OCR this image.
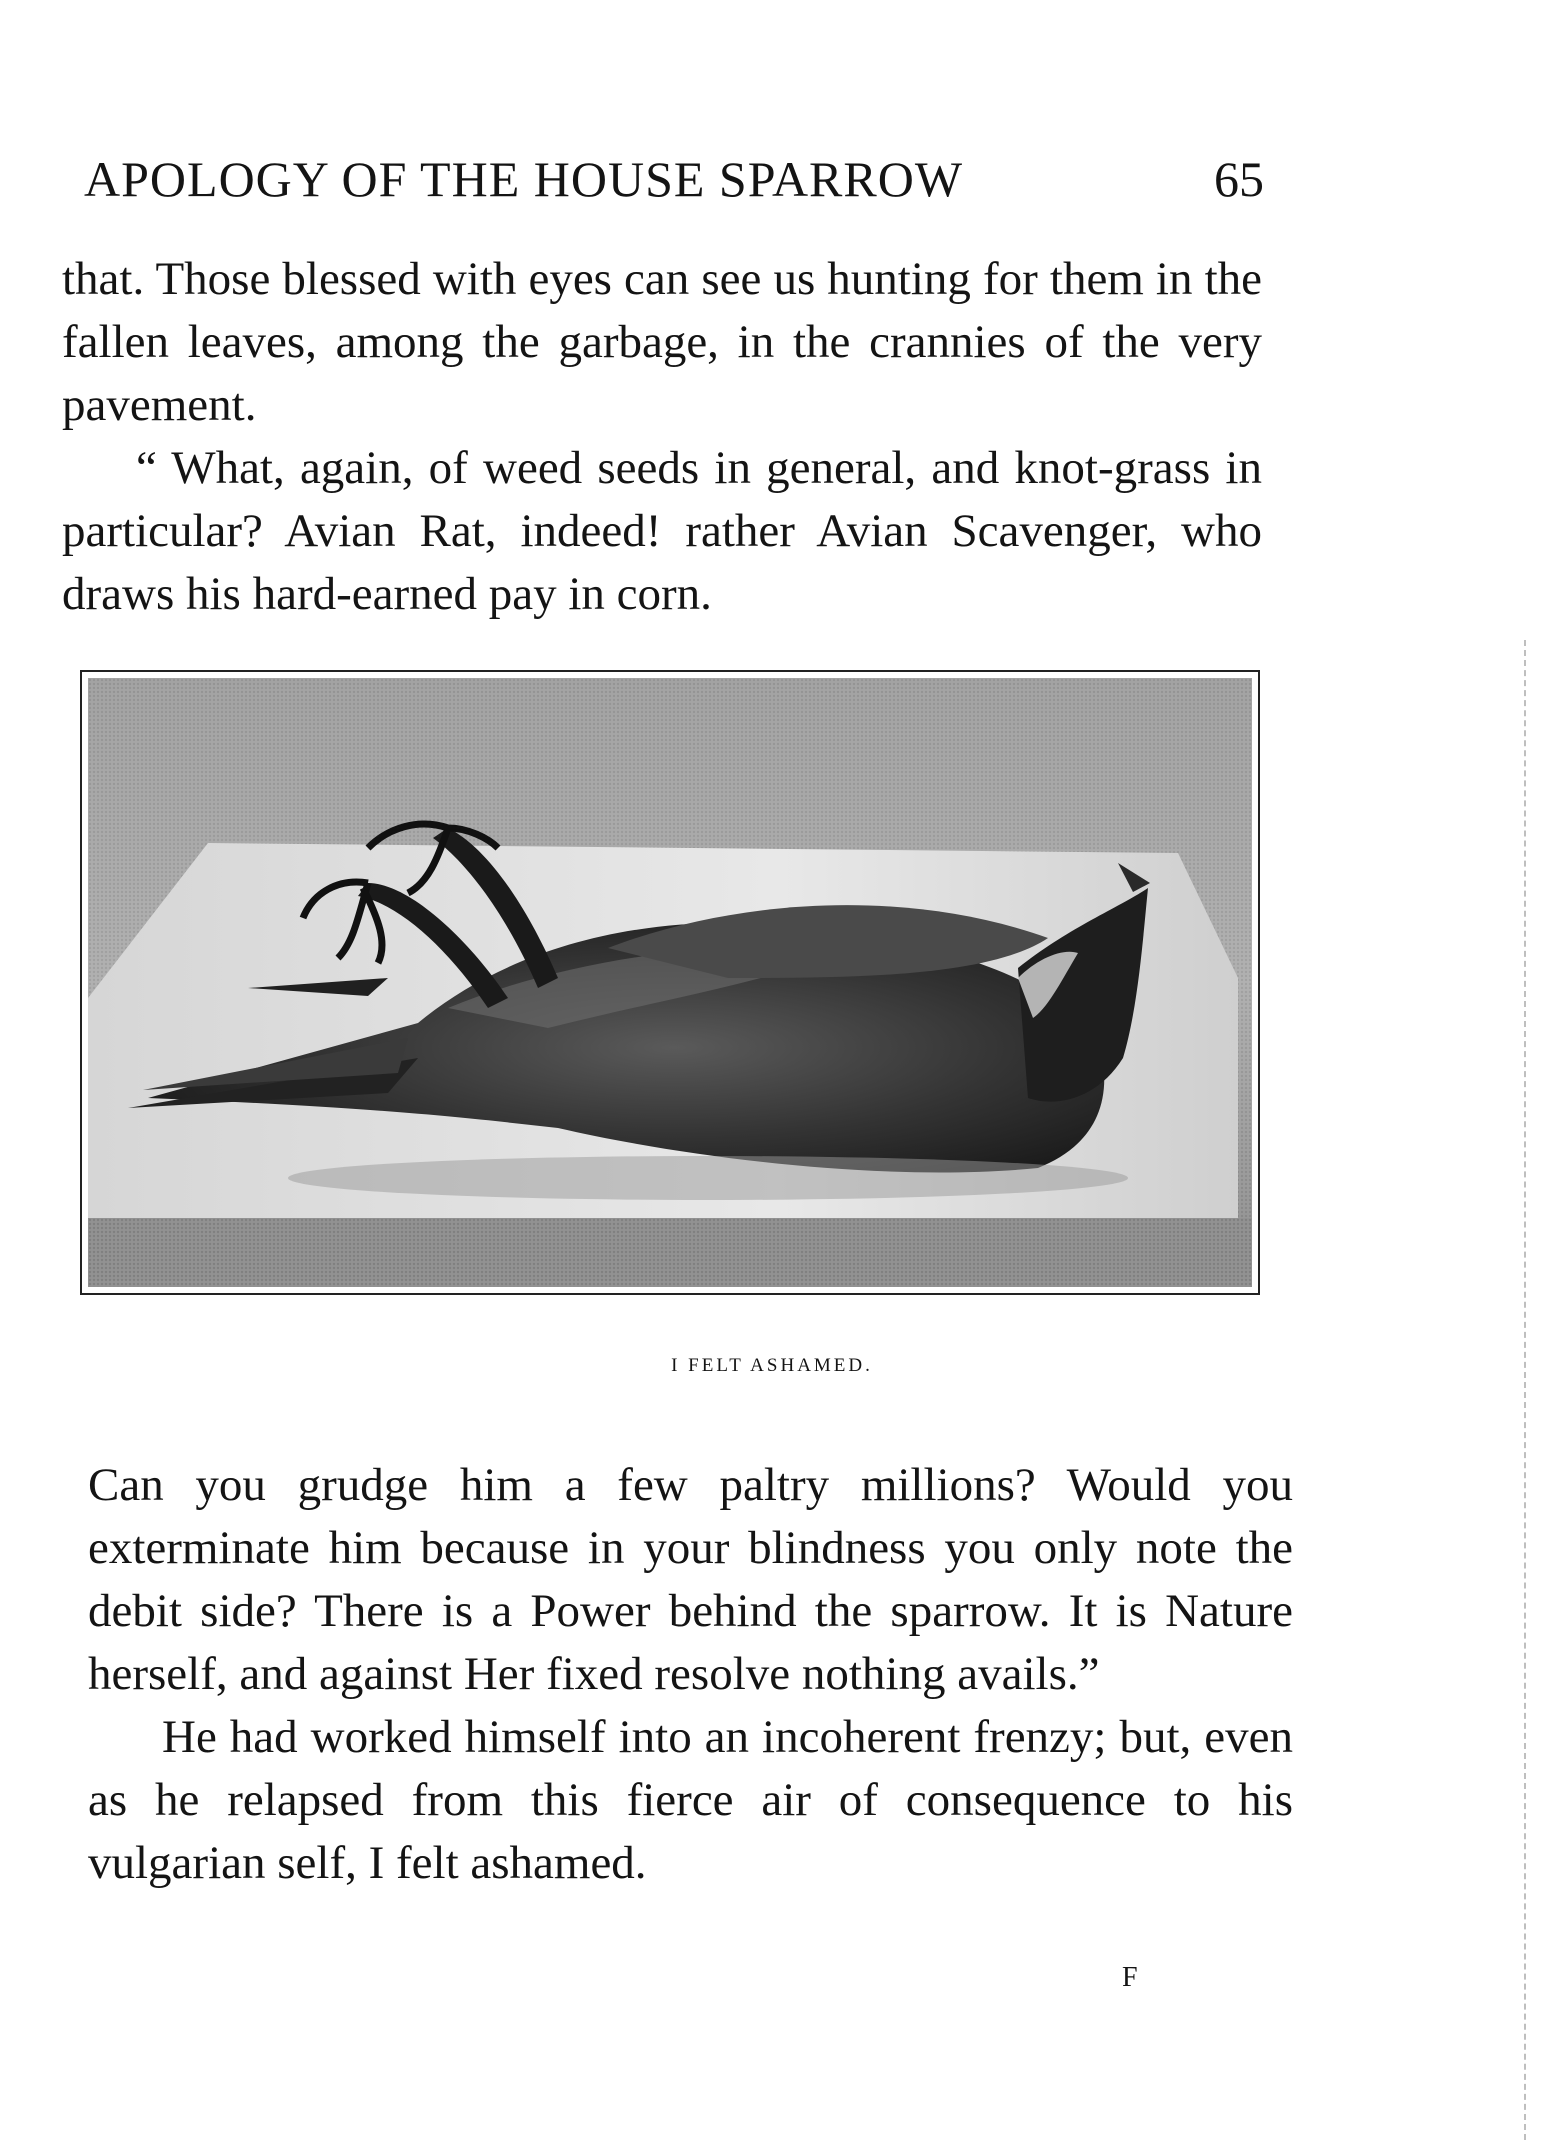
APOLOGY OF THE HOUSE SPARROW	65

that. Those blessed with eyes can see us hunting for them in the fallen leaves, among the garbage, in the crannies of the very pavement.

“ What, again, of weed seeds in general, and knot-grass in particular? Avian Rat, indeed! rather Avian Scavenger, who draws his hard-earned pay in corn.

I FELT ASHAMED.

Can you grudge him a few paltry millions? Would you exterminate him because in your blindness you only note the debit side? There is a Power behind the sparrow. It is Nature herself, and against Her fixed resolve nothing avails.”

He had worked himself into an incoherent frenzy; but, even as he relapsed from this fierce air of consequence to his vulgarian self, I felt ashamed.

F
